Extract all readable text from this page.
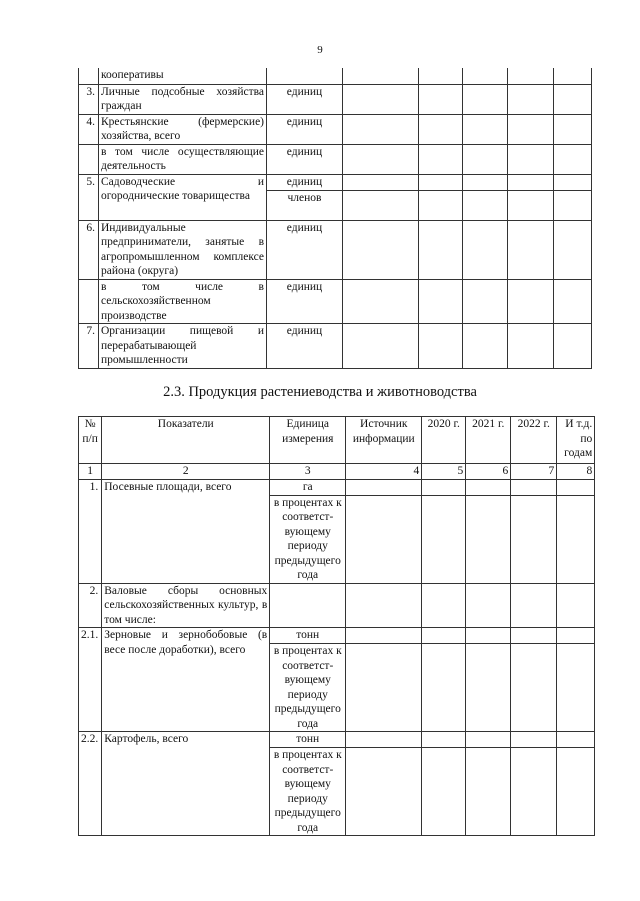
9
	кооперативы						
3.	Личные подсобные хозяйства граждан	единиц					
4.	Крестьянские (фермерские) хозяйства, всего	единиц					
	в том числе осуществляющие деятельность	единиц					
5.	Садоводческие и огороднические товарищества	единиц					
		членов					
6.	Индивидуальные предприниматели, занятые в агропромышленном комплексе района (округа)	единиц					
	в том числе в сельскохозяйственном производстве	единиц					
7.	Организации пищевой и перерабатывающей промышленности	единиц					
2.3. Продукция растениеводства и животноводства
№ п/п	Показатели	Единица измерения	Источник информации	2020 г.	2021 г.	2022 г.	И т.д. по годам
1	2	3	4	5	6	7	8
1.	Посевные площади, всего	га					
		в процентах к соответст-вующему периоду предыдущего года					
2.	Валовые сборы основных сельскохозяйственных культур, в том числе:						
2.1.	Зерновые и зернобобовые (в весе после доработки), всего	тонн					
		в процентах к соответст-вующему периоду предыдущего года					
2.2.	Картофель, всего	тонн					
		в процентах к соответст-вующему периоду предыдущего года					
